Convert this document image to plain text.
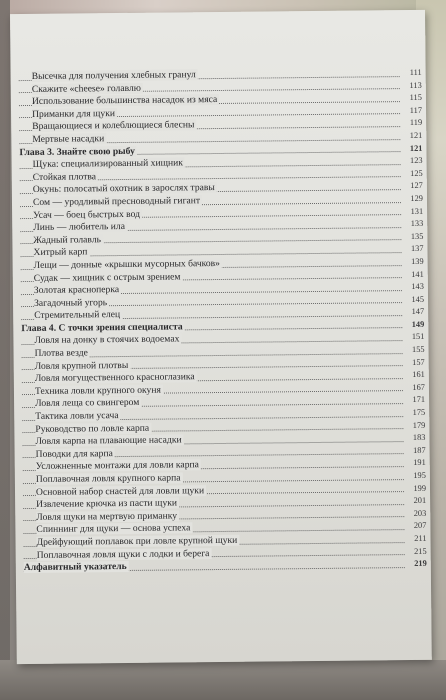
Высечка для получения хлебных гранул	111
Скажите «cheese» голавлю	113
Использование большинства насадок из мяса	115
Приманки для щуки	117
Вращающиеся и колеблющиеся блесны	119
Мертвые насадки	121
Глава 3. Знайте свою рыбу	121
Щука: специализированный хищник	123
Стойкая плотва	125
Окунь: полосатый охотник в зарослях травы	127
Сом — уродливый пресноводный гигант	129
Усач — боец быстрых вод	131
Линь — любитель ила	133
Жадный голавль	135
Хитрый карп	137
Лещи — донные «крышки мусорных бачков»	139
Судак — хищник с острым зрением	141
Золотая красноперка	143
Загадочный угорь	145
Стремительный елец	147
Глава 4. С точки зрения специалиста	149
Ловля на донку в стоячих водоемах	151
Плотва везде	155
Ловля крупной плотвы	157
Ловля могущественного красноглазика	161
Техника ловли крупного окуня	167
Ловля леща со свингером	171
Тактика ловли усача	175
Руководство по ловле карпа	179
Ловля карпа на плавающие насадки	183
Поводки для карпа	187
Усложненные монтажи для ловли карпа	191
Поплавочная ловля крупного карпа	195
Основной набор снастей для ловли щуки	199
Извлечение крючка из пасти щуки	201
Ловля щуки на мертвую приманку	203
Спиннинг для щуки — основа успеха	207
Дрейфующий поплавок при ловле крупной щуки	211
Поплавочная ловля щуки с лодки и берега	215
Алфавитный указатель	219
